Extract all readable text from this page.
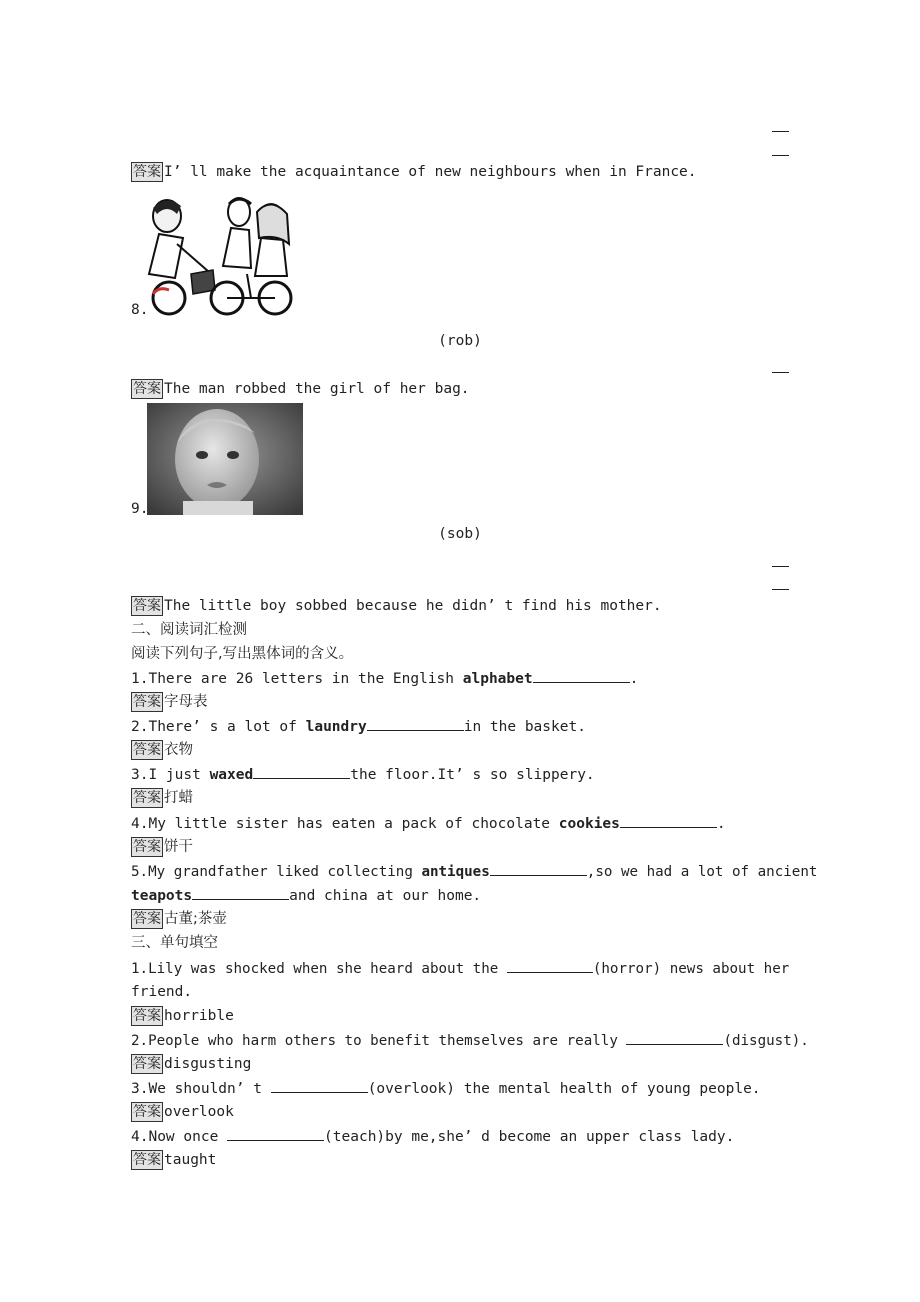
答案 I’ ll make the acquaintance of new neighbours when in France.
8.
(rob)
答案 The man robbed the girl of her bag.
9.
(sob)
答案 The little boy sobbed because he didn’ t find his mother.
二、阅读词汇检测
阅读下列句子,写出黑体词的含义。
1.There are 26 letters in the English alphabet	.
答案 字母表
2.There’ s a lot of laundry	in the basket.
答案 衣物
3.I just waxed	the floor.It’ s so slippery.
答案 打蜡
4.My little sister has eaten a pack of chocolate cookies	.
答案 饼干
5.My grandfather liked collecting antiques	,so we had a lot of ancient
teapots	and china at our home.
答案 古董;茶壶
三、单句填空
1.Lily was shocked when she heard about the	(horror) news about her
friend.
答案 horrible
2.People who harm others to benefit themselves are really	(disgust).
答案 disgusting
3.We shouldn’ t	(overlook) the mental health of young people.
答案 overlook
4.Now once	(teach)by me,she’ d become an upper class lady.
答案 taught
